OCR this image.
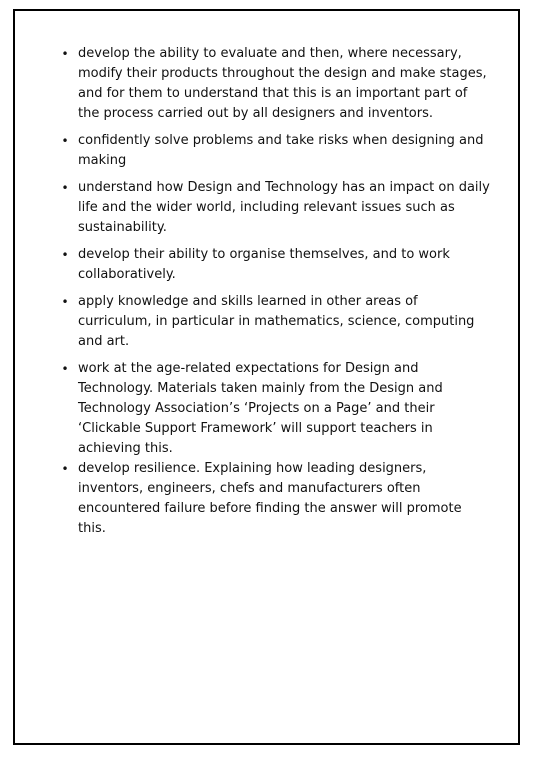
• develop the ability to evaluate and then, where necessary, modify their products throughout the design and make stages, and for them to understand that this is an important part of the process carried out by all designers and inventors.
• confidently solve problems and take risks when designing and making
• understand how Design and Technology has an impact on daily life and the wider world, including relevant issues such as sustainability.
• develop their ability to organise themselves, and to work collaboratively.
• apply knowledge and skills learned in other areas of curriculum, in particular in mathematics, science, computing and art.
• work at the age-related expectations for Design and Technology. Materials taken mainly from the Design and Technology Association’s ‘Projects on a Page’ and their ‘Clickable Support Framework’ will support teachers in achieving this.
• develop resilience. Explaining how leading designers, inventors, engineers, chefs and manufacturers often encountered failure before finding the answer will promote this.
